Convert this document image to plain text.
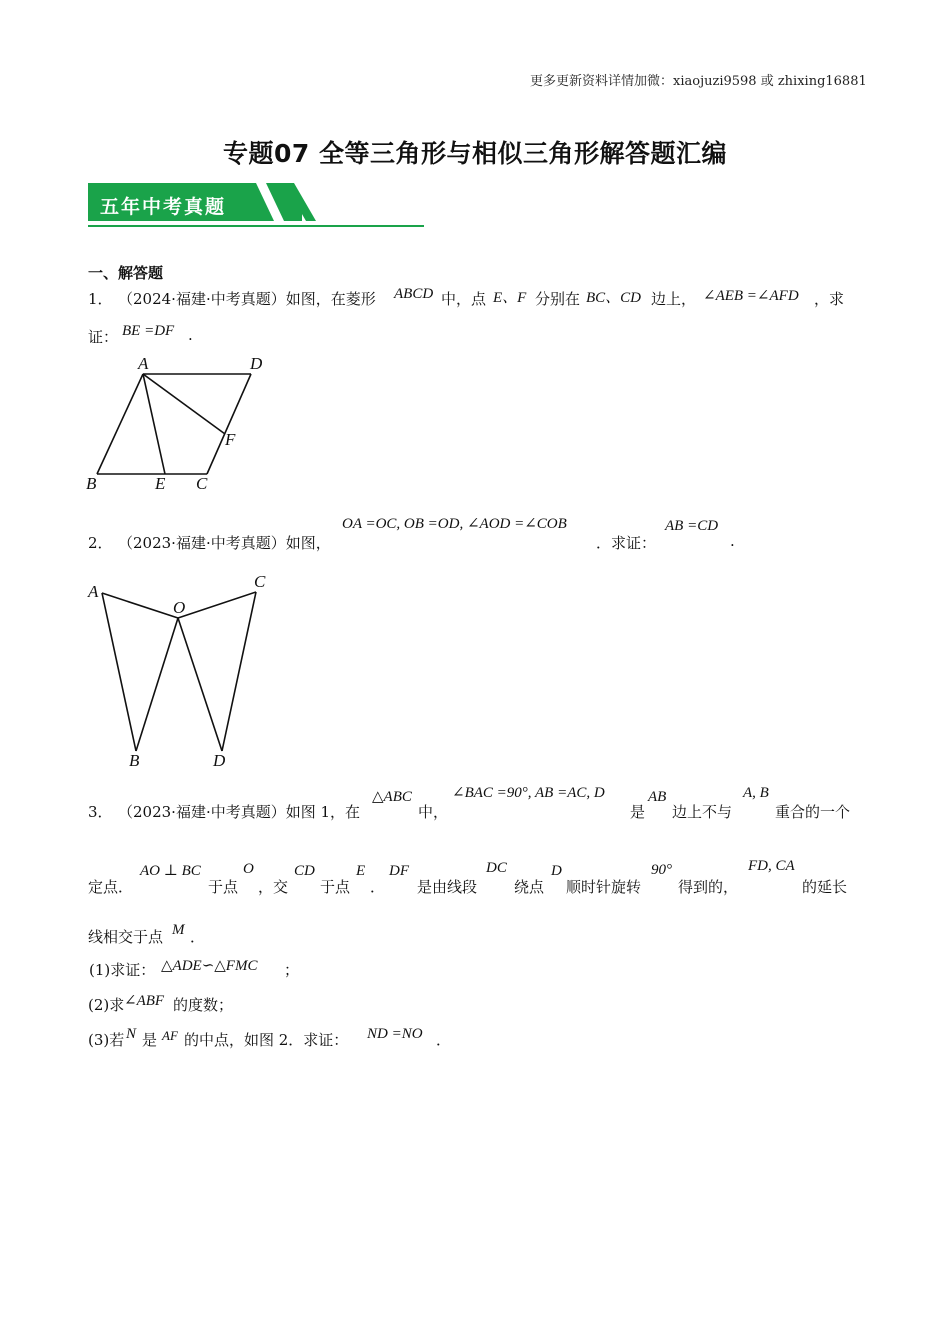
更多更新资料详情加微：xiaojuzi9598 或 zhixing16881
专题07 全等三角形与相似三角形解答题汇编
五年中考真题
一、解答题
1． （2024·福建·中考真题）如图，在菱形 ABCD 中，点 E、F 分别在 BC、CD 边上， ∠AEB =∠AFD ，求
证： BE =DF .
A	D
F
B	E C
2． （2023·福建·中考真题）如图，
OA =OC, OB =OD, ∠AOD =∠COB
．求证：
AB =CD
.
A
O
C
B	D
3． （2023·福建·中考真题）如图 1，在
△ABC
中，
∠BAC =90°, AB =AC, D
是
AB
边上不与
A, B
重合的一个
定点．
AO ⊥ BC
于点
O
，交
CD
于点
E
．
DF
是由线段
DC
绕点
D
顺时针旋转
90°
得到的，
FD, CA
的延长
线相交于点 M ．
(1)求证： △ADE∽△FMC ；
(2)求 ∠ABF 的度数；
(3)若 N 是 AF 的中点，如图 2．求证： ND =NO ．
